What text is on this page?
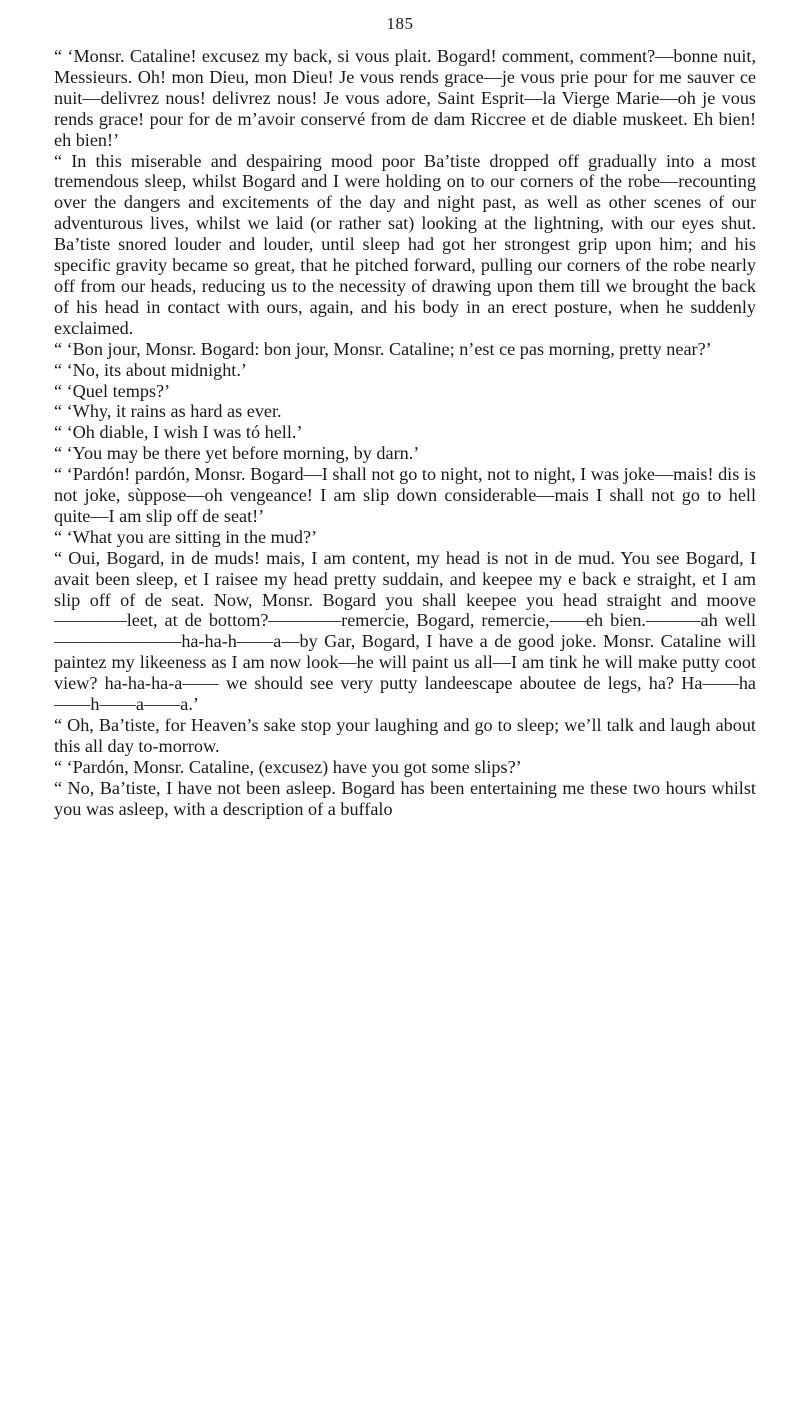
185

“ ‘Monsr. Cataline! excusez my back, si vous plait. Bogard! comment, comment?—bonne nuit, Messieurs. Oh! mon Dieu, mon Dieu! Je vous rends grace—je vous prie pour for me sauver ce nuit—delivrez nous! delivrez nous! Je vous adore, Saint Esprit—la Vierge Marie—oh je vous rends grace! pour for de m’avoir conservé from de dam Riccree et de diable muskeet. Eh bien! eh bien!’

“ In this miserable and despairing mood poor Ba’tiste dropped off gradually into a most tremendous sleep, whilst Bogard and I were holding on to our corners of the robe—recounting over the dangers and excitements of the day and night past, as well as other scenes of our adventurous lives, whilst we laid (or rather sat) looking at the lightning, with our eyes shut. Ba’tiste snored louder and louder, until sleep had got her strongest grip upon him; and his specific gravity became so great, that he pitched forward, pulling our corners of the robe nearly off from our heads, reducing us to the necessity of drawing upon them till we brought the back of his head in contact with ours, again, and his body in an erect posture, when he suddenly exclaimed.

“ ‘Bon jour, Monsr. Bogard: bon jour, Monsr. Cataline; n’est ce pas morning, pretty near?’

“ ‘No, its about midnight.’

“ ‘Quel temps?’

“ ‘Why, it rains as hard as ever.

“ ‘Oh diable, I wish I was tó hell.’

“ ‘You may be there yet before morning, by darn.’

“ ‘Pardón! pardón, Monsr. Bogard—I shall not go to night, not to night, I was joke—mais! dis is not joke, sùppose—oh vengeance! I am slip down considerable—mais I shall not go to hell quite—I am slip off de seat!’

“ ‘What you are sitting in the mud?’

“ Oui, Bogard, in de muds! mais, I am content, my head is not in de mud. You see Bogard, I avait been sleep, et I raisee my head pretty suddain, and keepee my e back e straight, et I am slip off of de seat. Now, Monsr. Bogard you shall keepee you head straight and moove ————leet, at de bottom?————remercie, Bogard, remercie,——eh bien.———ah well———————ha-ha-h——a—by Gar, Bogard, I have a de good joke. Monsr. Cataline will paintez my likeeness as I am now look—he will paint us all—I am tink he will make putty coot view? ha-ha-ha-a—— we should see very putty landeescape aboutee de legs, ha? Ha——ha ——h——a——a.’

“ Oh, Ba’tiste, for Heaven’s sake stop your laughing and go to sleep; we’ll talk and laugh about this all day to-morrow.

“ ‘Pardón, Monsr. Cataline, (excusez) have you got some slips?’

“ No, Ba’tiste, I have not been asleep. Bogard has been entertaining me these two hours whilst you was asleep, with a description of a buffalo
